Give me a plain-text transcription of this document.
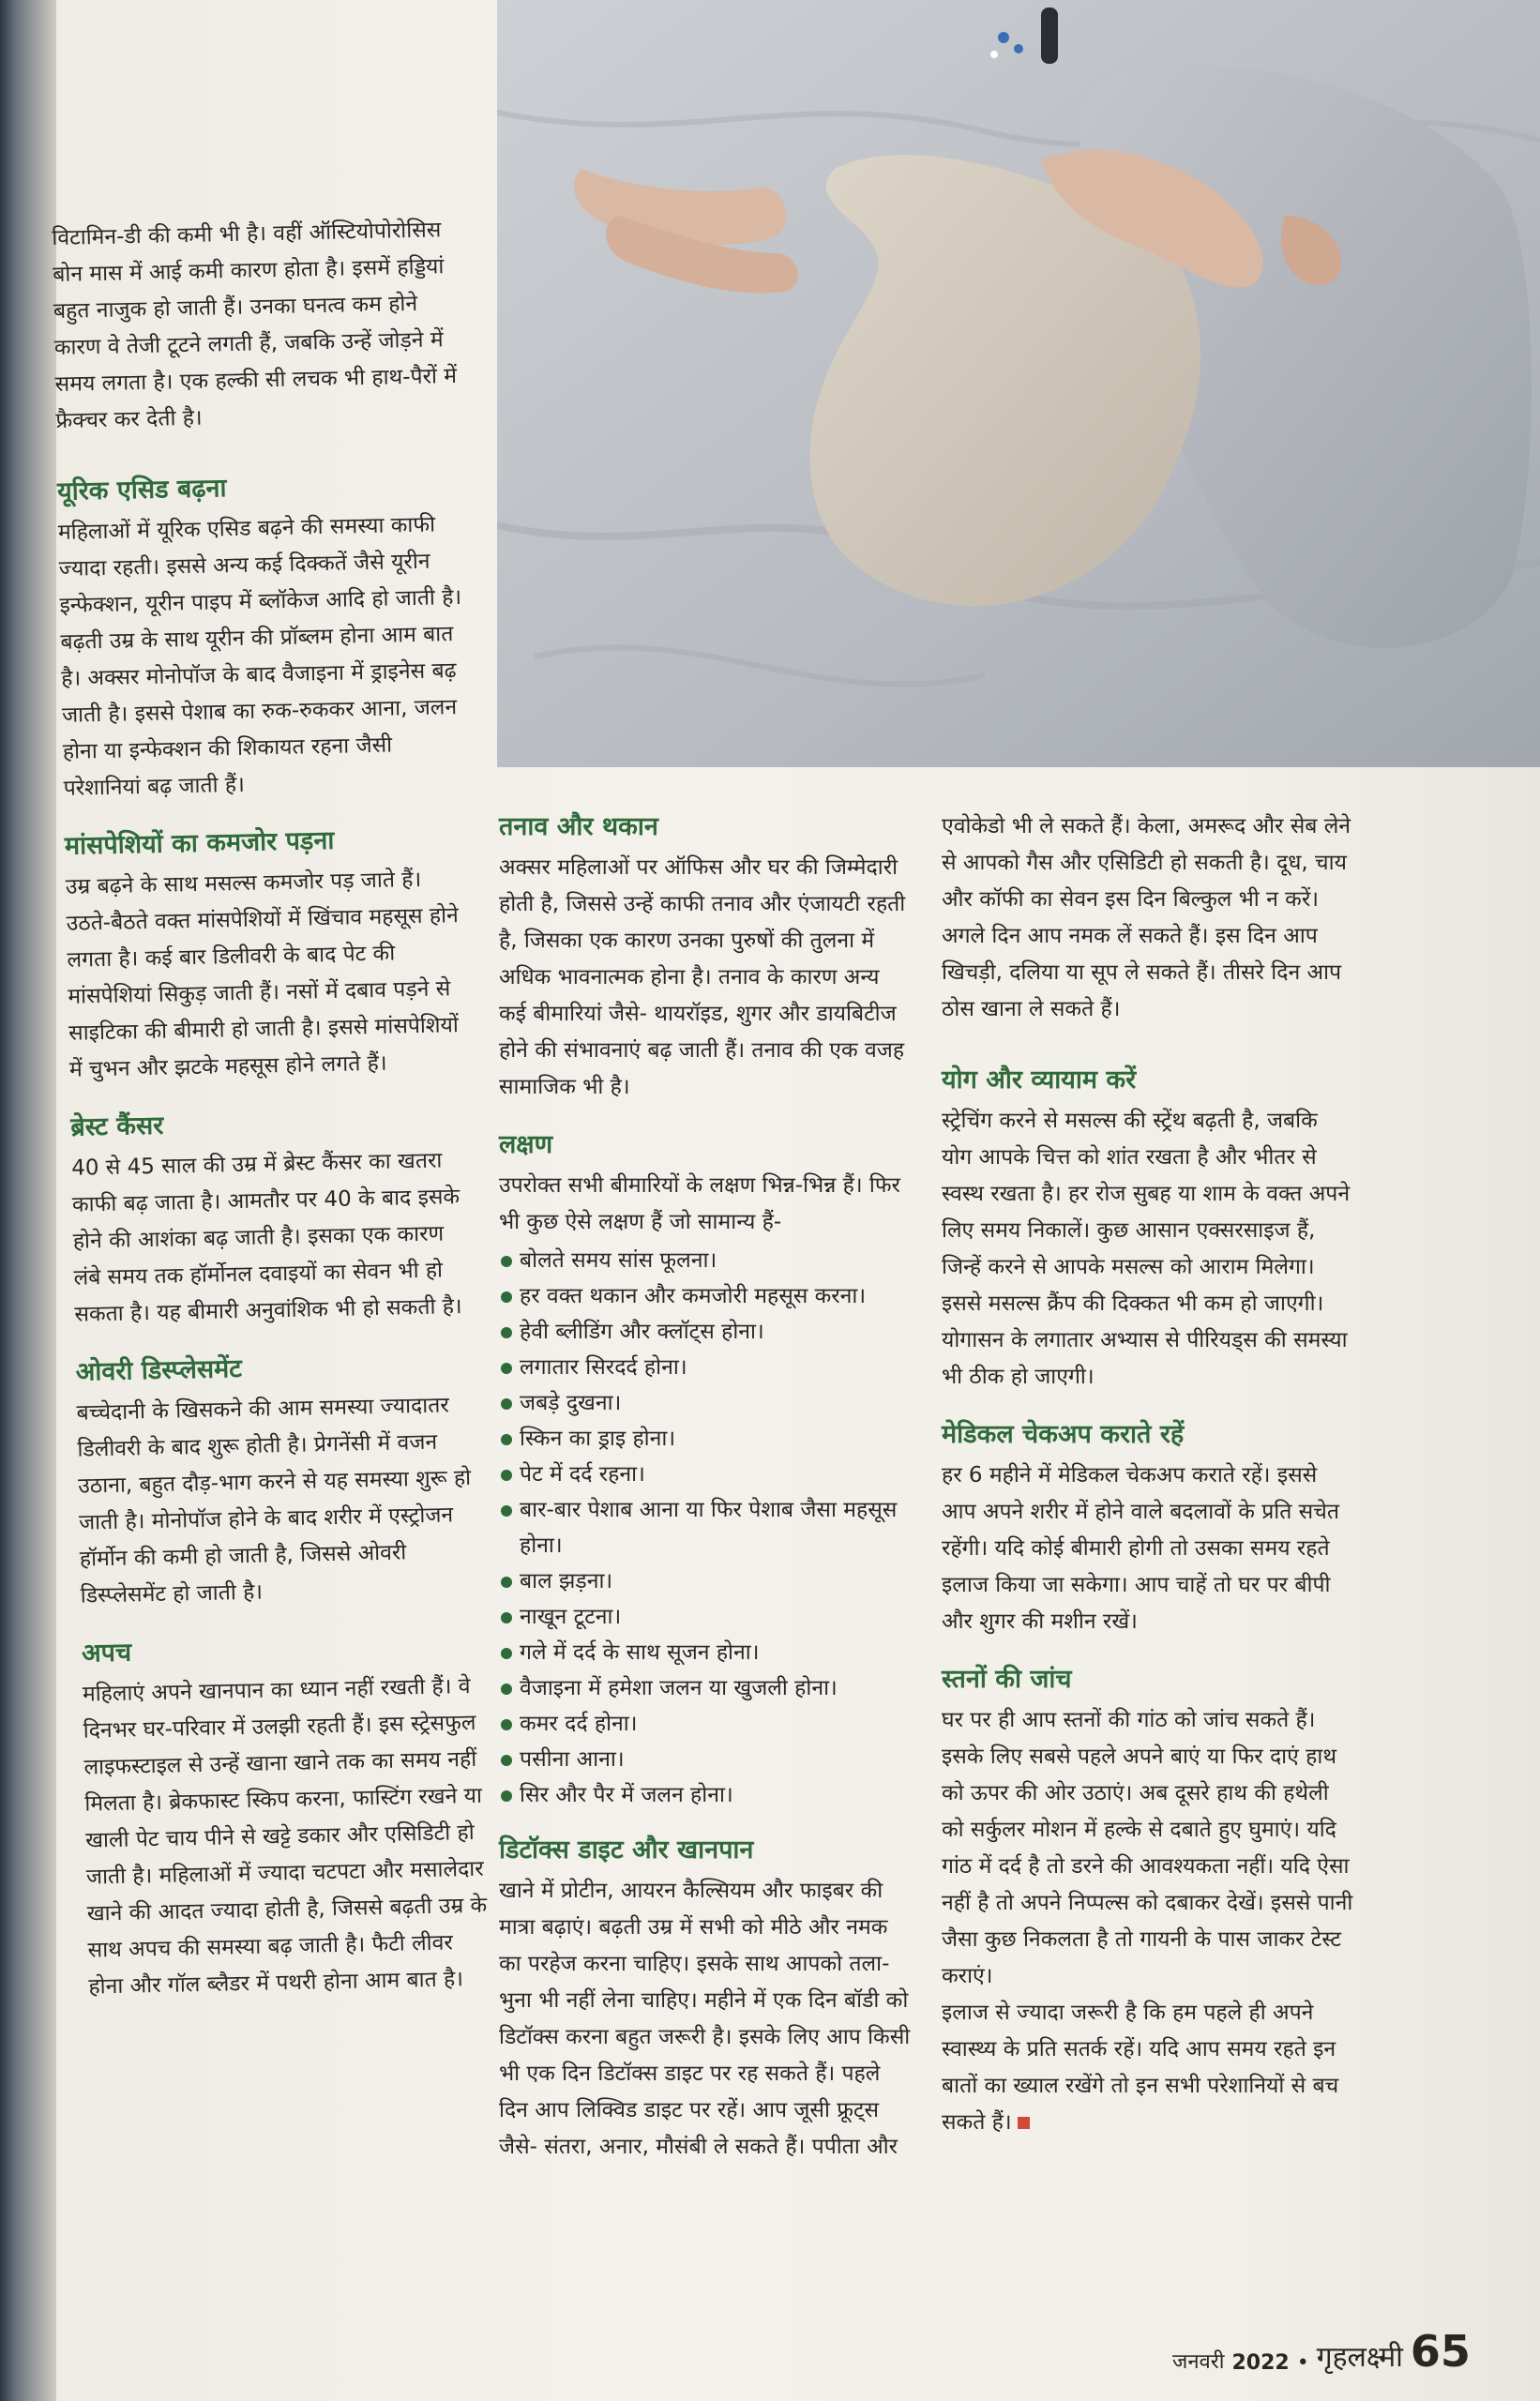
विटामिन-डी की कमी भी है। वहीं ऑस्टियोपोरोसिस बोन मास में आई कमी कारण होता है। इसमें हड्डियां बहुत नाजुक हो जाती हैं। उनका घनत्व कम होने कारण वे तेजी टूटने लगती हैं, जबकि उन्हें जोड़ने में समय लगता है। एक हल्की सी लचक भी हाथ-पैरों में फ्रैक्चर कर देती है।

यूरिक एसिड बढ़ना

महिलाओं में यूरिक एसिड बढ़ने की समस्या काफी ज्यादा रहती। इससे अन्य कई दिक्कतें जैसे यूरीन इन्फेक्शन, यूरीन पाइप में ब्लॉकेज आदि हो जाती है। बढ़ती उम्र के साथ यूरीन की प्रॉब्लम होना आम बात है। अक्सर मोनोपॉज के बाद वैजाइना में ड्राइनेस बढ़ जाती है। इससे पेशाब का रुक-रुककर आना, जलन होना या इन्फेक्शन की शिकायत रहना जैसी परेशानियां बढ़ जाती हैं।

मांसपेशियों का कमजोर पड़ना

उम्र बढ़ने के साथ मसल्स कमजोर पड़ जाते हैं। उठते-बैठते वक्त मांसपेशियों में खिंचाव महसूस होने लगता है। कई बार डिलीवरी के बाद पेट की मांसपेशियां सिकुड़ जाती हैं। नसों में दबाव पड़ने से साइटिका की बीमारी हो जाती है। इससे मांसपेशियों में चुभन और झटके महसूस होने लगते हैं।

ब्रेस्ट कैंसर

40 से 45 साल की उम्र में ब्रेस्ट कैंसर का खतरा काफी बढ़ जाता है। आमतौर पर 40 के बाद इसके होने की आशंका बढ़ जाती है। इसका एक कारण लंबे समय तक हॉर्मोनल दवाइयों का सेवन भी हो सकता है। यह बीमारी अनुवांशिक भी हो सकती है।

ओवरी डिस्प्लेसमेंट

बच्चेदानी के खिसकने की आम समस्या ज्यादातर डिलीवरी के बाद शुरू होती है। प्रेगनेंसी में वजन उठाना, बहुत दौड़-भाग करने से यह समस्या शुरू हो जाती है। मोनोपॉज होने के बाद शरीर में एस्ट्रोजन हॉर्मोन की कमी हो जाती है, जिससे ओवरी डिस्प्लेसमेंट हो जाती है।

अपच

महिलाएं अपने खानपान का ध्यान नहीं रखती हैं। वे दिनभर घर-परिवार में उलझी रहती हैं। इस स्ट्रेसफुल लाइफस्टाइल से उन्हें खाना खाने तक का समय नहीं मिलता है। ब्रेकफास्ट स्किप करना, फास्टिंग रखने या खाली पेट चाय पीने से खट्टे डकार और एसिडिटी हो जाती है। महिलाओं में ज्यादा चटपटा और मसालेदार खाने की आदत ज्यादा होती है, जिससे बढ़ती उम्र के साथ अपच की समस्या बढ़ जाती है। फैटी लीवर होना और गॉल ब्लैडर में पथरी होना आम बात है।

तनाव और थकान

अक्सर महिलाओं पर ऑफिस और घर की जिम्मेदारी होती है, जिससे उन्हें काफी तनाव और एंजायटी रहती है, जिसका एक कारण उनका पुरुषों की तुलना में अधिक भावनात्मक होना है। तनाव के कारण अन्य कई बीमारियां जैसे- थायरॉइड, शुगर और डायबिटीज होने की संभावनाएं बढ़ जाती हैं। तनाव की एक वजह सामाजिक भी है।

लक्षण

उपरोक्त सभी बीमारियों के लक्षण भिन्न-भिन्न हैं। फिर भी कुछ ऐसे लक्षण हैं जो सामान्य हैं-

बोलते समय सांस फूलना।
हर वक्त थकान और कमजोरी महसूस करना।
हेवी ब्लीडिंग और क्लॉट्स होना।
लगातार सिरदर्द होना।
जबड़े दुखना।
स्किन का ड्राइ होना।
पेट में दर्द रहना।
बार-बार पेशाब आना या फिर पेशाब जैसा महसूस होना।
बाल झड़ना।
नाखून टूटना।
गले में दर्द के साथ सूजन होना।
वैजाइना में हमेशा जलन या खुजली होना।
कमर दर्द होना।
पसीना आना।
सिर और पैर में जलन होना।
डिटॉक्स डाइट और खानपान

खाने में प्रोटीन, आयरन कैल्सियम और फाइबर की मात्रा बढ़ाएं। बढ़ती उम्र में सभी को मीठे और नमक का परहेज करना चाहिए। इसके साथ आपको तला-भुना भी नहीं लेना चाहिए। महीने में एक दिन बॉडी को डिटॉक्स करना बहुत जरूरी है। इसके लिए आप किसी भी एक दिन डिटॉक्स डाइट पर रह सकते हैं। पहले दिन आप लिक्विड डाइट पर रहें। आप जूसी फ्रूट्स जैसे- संतरा, अनार, मौसंबी ले सकते हैं। पपीता और

एवोकेडो भी ले सकते हैं। केला, अमरूद और सेब लेने से आपको गैस और एसिडिटी हो सकती है। दूध, चाय और कॉफी का सेवन इस दिन बिल्कुल भी न करें। अगले दिन आप नमक लें सकते हैं। इस दिन आप खिचड़ी, दलिया या सूप ले सकते हैं। तीसरे दिन आप ठोस खाना ले सकते हैं।

योग और व्यायाम करें

स्ट्रेचिंग करने से मसल्स की स्ट्रेंथ बढ़ती है, जबकि योग आपके चित्त को शांत रखता है और भीतर से स्वस्थ रखता है। हर रोज सुबह या शाम के वक्त अपने लिए समय निकालें। कुछ आसान एक्सरसाइज हैं, जिन्हें करने से आपके मसल्स को आराम मिलेगा। इससे मसल्स क्रैंप की दिक्कत भी कम हो जाएगी। योगासन के लगातार अभ्यास से पीरियड्स की समस्या भी ठीक हो जाएगी।

मेडिकल चेकअप कराते रहें

हर 6 महीने में मेडिकल चेकअप कराते रहें। इससे आप अपने शरीर में होने वाले बदलावों के प्रति सचेत रहेंगी। यदि कोई बीमारी होगी तो उसका समय रहते इलाज किया जा सकेगा। आप चाहें तो घर पर बीपी और शुगर की मशीन रखें।

स्तनों की जांच

घर पर ही आप स्तनों की गांठ को जांच सकते हैं। इसके लिए सबसे पहले अपने बाएं या फिर दाएं हाथ को ऊपर की ओर उठाएं। अब दूसरे हाथ की हथेली को सर्कुलर मोशन में हल्के से दबाते हुए घुमाएं। यदि गांठ में दर्द है तो डरने की आवश्यकता नहीं। यदि ऐसा नहीं है तो अपने निप्पल्स को दबाकर देखें। इससे पानी जैसा कुछ निकलता है तो गायनी के पास जाकर टेस्ट कराएं।

इलाज से ज्यादा जरूरी है कि हम पहले ही अपने स्वास्थ्य के प्रति सतर्क रहें। यदि आप समय रहते इन बातों का ख्याल रखेंगे तो इन सभी परेशानियों से बच सकते हैं।

जनवरी 2022 • गृहलक्ष्मी 65
